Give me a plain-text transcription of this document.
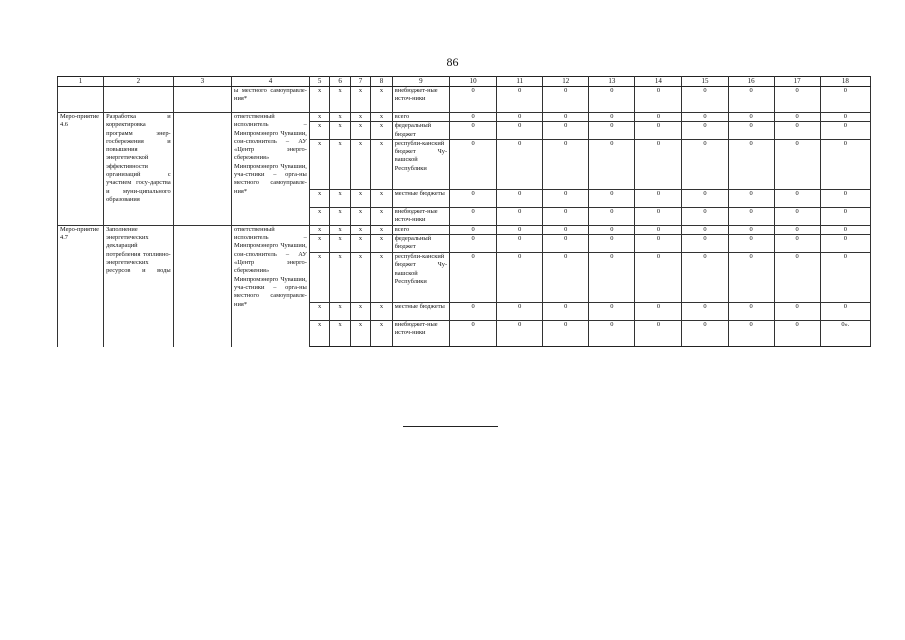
86
1	2	3	4	5	6	7	8	9	10	11	12	13	14	15	16	17	18
			ы местного самоуправле-ния*	х	х	х	х	внебюджет-ные источ-ники	0	0	0	0	0	0	0	0	0
Меро-приятие 4.6	Разработка и корректировка программ энер-госбережения и повышения энергетической эффективности организаций с участием госу-дарства и муни-ципального образования		ответственный исполнитель – Минпромэнерго Чувашии, сои-сполнитель – АУ «Центр энерго-сбережения» Минпромэнерго Чувашии, уча-стники – орга-ны местного самоуправле-ния*	х	х	х	х	всего	0	0	0	0	0	0	0	0	0
				х	х	х	х	федеральный бюджет	0	0	0	0	0	0	0	0	0
				х	х	х	х	республи-канский бюджет Чу-вашской Республики	0	0	0	0	0	0	0	0	0
				х	х	х	х	местные бюджеты	0	0	0	0	0	0	0	0	0
				х	х	х	х	внебюджет-ные источ-ники	0	0	0	0	0	0	0	0	0
Меро-приятие 4.7	Заполнение энергетических деклараций потребления топливно-энергетических ресурсов и воды		ответственный исполнитель – Минпромэнерго Чувашии, сои-сполнитель – АУ «Центр энерго-сбережения» Минпромэнерго Чувашии, уча-стники – орга-ны местного самоуправле-ния*	х	х	х	х	всего	0	0	0	0	0	0	0	0	0
				х	х	х	х	федеральный бюджет	0	0	0	0	0	0	0	0	0
				х	х	х	х	республи-канский бюджет Чу-вашской Республики	0	0	0	0	0	0	0	0	0
				х	х	х	х	местные бюджеты	0	0	0	0	0	0	0	0	0
				х	х	х	х	внебюджет-ные источ-ники	0	0	0	0	0	0	0	0	0».
